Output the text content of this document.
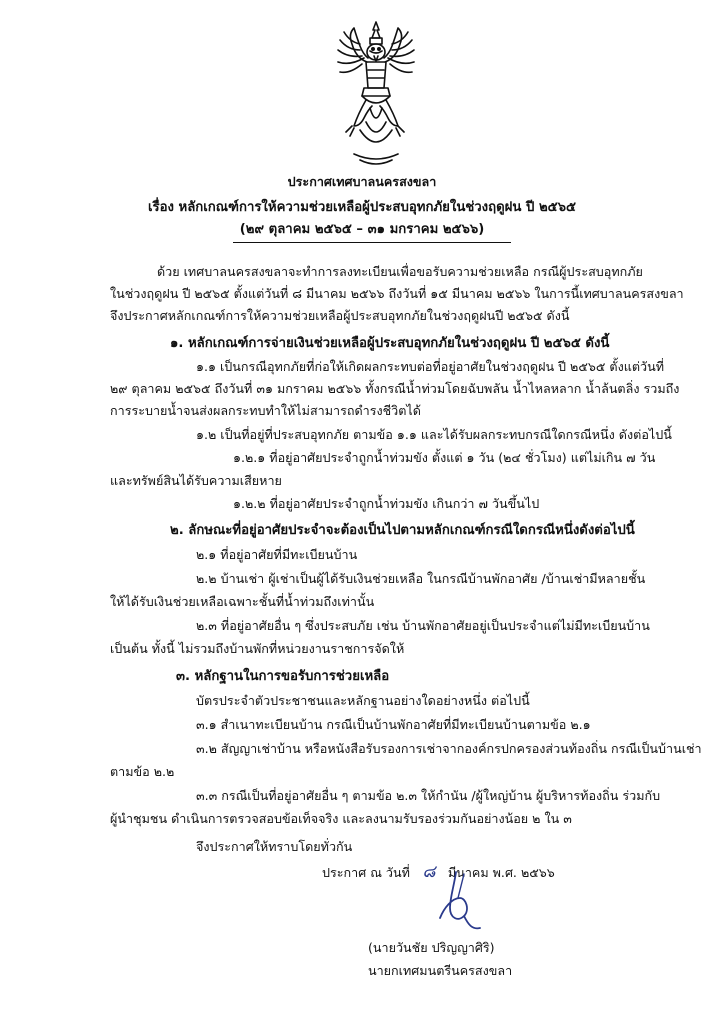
ประกาศเทศบาลนครสงขลา
เรื่อง หลักเกณฑ์การให้ความช่วยเหลือผู้ประสบอุทกภัยในช่วงฤดูฝน ปี ๒๕๖๕
(๒๙ ตุลาคม ๒๕๖๕ – ๓๑ มกราคม ๒๕๖๖)
ด้วย เทศบาลนครสงขลาจะทำการลงทะเบียนเพื่อขอรับความช่วยเหลือ กรณีผู้ประสบอุทกภัย
ในช่วงฤดูฝน ปี ๒๕๖๕ ตั้งแต่วันที่ ๘ มีนาคม ๒๕๖๖ ถึงวันที่ ๑๕ มีนาคม ๒๕๖๖ ในการนี้เทศบาลนครสงขลา
จึงประกาศหลักเกณฑ์การให้ความช่วยเหลือผู้ประสบอุทกภัยในช่วงฤดูฝนปี ๒๕๖๕ ดังนี้
๑. หลักเกณฑ์การจ่ายเงินช่วยเหลือผู้ประสบอุทกภัยในช่วงฤดูฝน ปี ๒๕๖๕ ดังนี้
๑.๑ เป็นกรณีอุทกภัยที่ก่อให้เกิดผลกระทบต่อที่อยู่อาศัยในช่วงฤดูฝน ปี ๒๕๖๕ ตั้งแต่วันที่
๒๙ ตุลาคม ๒๕๖๕ ถึงวันที่ ๓๑ มกราคม ๒๕๖๖ ทั้งกรณีน้ำท่วมโดยฉับพลัน น้ำไหลหลาก น้ำล้นตลิ่ง รวมถึง
การระบายน้ำจนส่งผลกระทบทำให้ไม่สามารถดำรงชีวิตได้
๑.๒ เป็นที่อยู่ที่ประสบอุทกภัย ตามข้อ ๑.๑ และได้รับผลกระทบกรณีใดกรณีหนึ่ง ดังต่อไปนี้
๑.๒.๑ ที่อยู่อาศัยประจำถูกน้ำท่วมขัง ตั้งแต่ ๑ วัน (๒๔ ชั่วโมง) แต่ไม่เกิน ๗ วัน
และทรัพย์สินได้รับความเสียหาย
๑.๒.๒ ที่อยู่อาศัยประจำถูกน้ำท่วมขัง เกินกว่า ๗ วันขึ้นไป
๒. ลักษณะที่อยู่อาศัยประจำจะต้องเป็นไปตามหลักเกณฑ์กรณีใดกรณีหนึ่งดังต่อไปนี้
๒.๑ ที่อยู่อาศัยที่มีทะเบียนบ้าน
๒.๒ บ้านเช่า ผู้เช่าเป็นผู้ได้รับเงินช่วยเหลือ ในกรณีบ้านพักอาศัย /บ้านเช่ามีหลายชั้น
ให้ได้รับเงินช่วยเหลือเฉพาะชั้นที่น้ำท่วมถึงเท่านั้น
๒.๓ ที่อยู่อาศัยอื่น ๆ ซึ่งประสบภัย เช่น บ้านพักอาศัยอยู่เป็นประจำแต่ไม่มีทะเบียนบ้าน
เป็นต้น ทั้งนี้ ไม่รวมถึงบ้านพักที่หน่วยงานราชการจัดให้
๓. หลักฐานในการขอรับการช่วยเหลือ
บัตรประจำตัวประชาชนและหลักฐานอย่างใดอย่างหนึ่ง ต่อไปนี้
๓.๑ สำเนาทะเบียนบ้าน กรณีเป็นบ้านพักอาศัยที่มีทะเบียนบ้านตามข้อ ๒.๑
๓.๒ สัญญาเช่าบ้าน หรือหนังสือรับรองการเช่าจากองค์กรปกครองส่วนท้องถิ่น กรณีเป็นบ้านเช่า
ตามข้อ ๒.๒
๓.๓ กรณีเป็นที่อยู่อาศัยอื่น ๆ ตามข้อ ๒.๓ ให้กำนัน /ผู้ใหญ่บ้าน ผู้บริหารท้องถิ่น ร่วมกับ
ผู้นำชุมชน ดำเนินการตรวจสอบข้อเท็จจริง และลงนามรับรองร่วมกันอย่างน้อย ๒ ใน ๓
จึงประกาศให้ทราบโดยทั่วกัน
ประกาศ ณ วันที่ ๘ มีนาคม พ.ศ. ๒๕๖๖
(นายวันชัย ปริญญาศิริ)
นายกเทศมนตรีนครสงขลา
